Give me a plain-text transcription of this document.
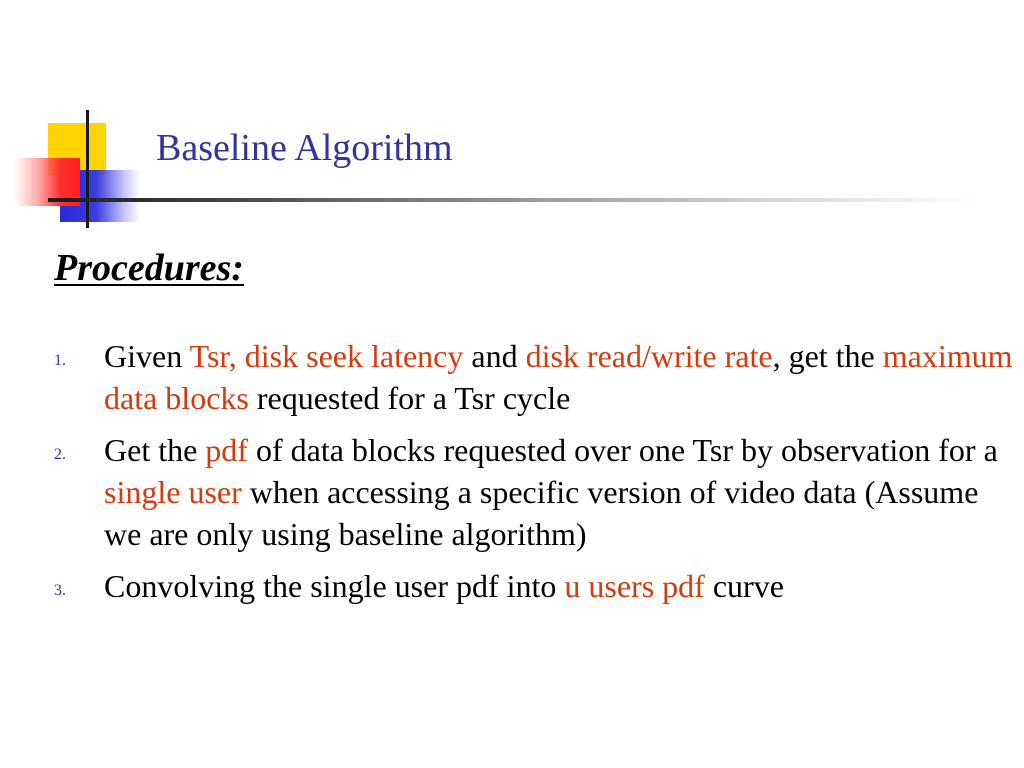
Baseline Algorithm
Procedures:
1.	Given Tsr, disk seek latency and disk read/write rate, get the maximum data blocks requested for a Tsr cycle
2.	Get the pdf of data blocks requested over one Tsr by observation for a single user when accessing a specific version of video data (Assume we are only using baseline algorithm)
3.	Convolving the single user pdf into u users pdf curve
